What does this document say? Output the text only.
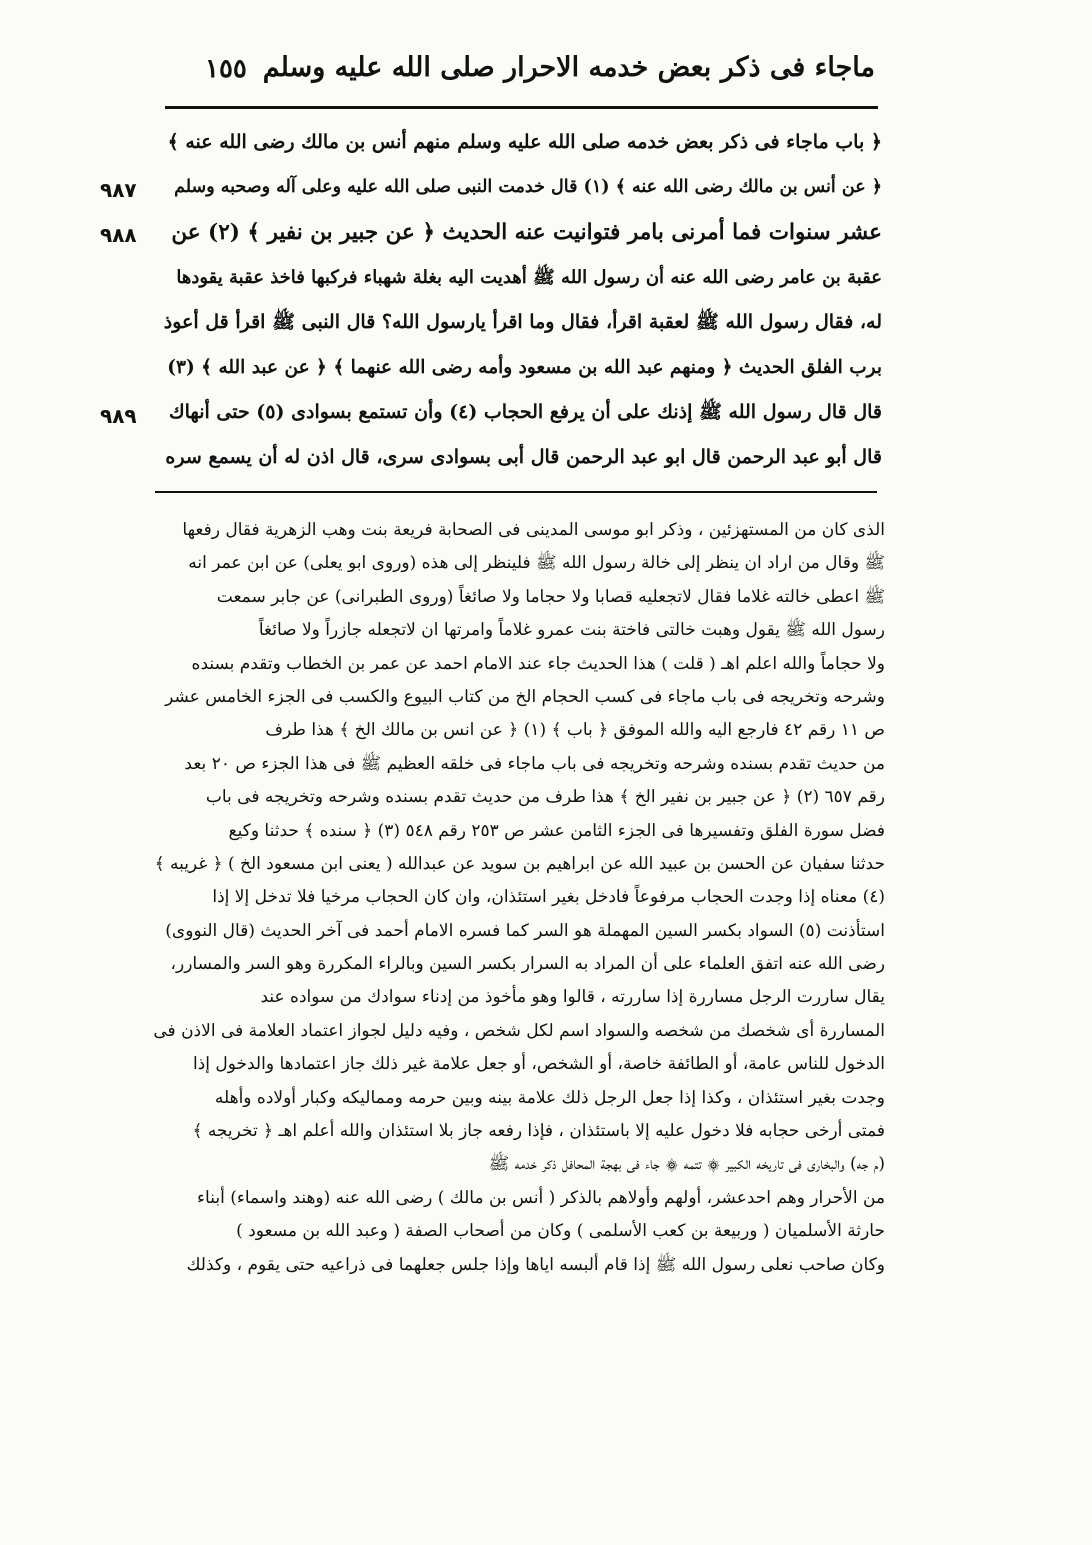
ماجاء فى ذكر بعض خدمه الاحرار صلى الله عليه وسلم
١٥٥
٩٨٧
٩٨٨
٩٨٩
﴿ باب ماجاء فى ذكر بعض خدمه صلى الله عليه وسلم منهم أنس بن مالك رضى الله عنه ﴾
﴿ عن أنس بن مالك رضى الله عنه ﴾ (١) قال خدمت النبى صلى الله عليه وعلى آله وصحبه وسلم
عشر سنوات فما أمرنى بامر فتوانيت عنه الحديث ﴿ عن جبير بن نفير ﴾ (٢) عن
عقبة بن عامر رضى الله عنه أن رسول الله ﷺ أهديت اليه بغلة شهباء فركبها فاخذ عقبة يقودها
له، فقال رسول الله ﷺ لعقبة اقرأ، فقال وما اقرأ يارسول الله؟ قال النبى ﷺ اقرأ قل أعوذ
برب الفلق الحديث ﴿ ومنهم عبد الله بن مسعود وأمه رضى الله عنهما ﴾ ﴿ عن عبد الله ﴾ (٣)
قال قال رسول الله ﷺ إذنك على أن يرفع الحجاب (٤) وأن تستمع بسوادى (٥) حتى أنهاك
قال أبو عبد الرحمن قال ابو عبد الرحمن قال أبى بسوادى سرى، قال اذن له أن يسمع سره
الذى كان من المستهزئين ، وذكر ابو موسى المدينى فى الصحابة فريعة بنت وهب الزهرية فقال رفعها
ﷺ وقال من اراد ان ينظر إلى خالة رسول الله ﷺ فلينظر إلى هذه (وروى ابو يعلى) عن ابن عمر انه
ﷺ اعطى خالته غلاما فقال لاتجعليه قصابا ولا حجاما ولا صائغاً (وروى الطبرانى) عن جابر سمعت
رسول الله ﷺ يقول وهبت خالتى فاختة بنت عمرو غلاماً وامرتها ان لاتجعله جازراً ولا صائغاً
ولا حجاماً والله اعلم اهـ ( قلت ) هذا الحديث جاء عند الامام احمد عن عمر بن الخطاب وتقدم بسنده
وشرحه وتخريجه فى باب ماجاء فى كسب الحجام الخ من كتاب البيوع والكسب فى الجزء الخامس عشر
ص ١١ رقم ٤٢ فارجع اليه والله الموفق ﴿ باب ﴾ (١) ﴿ عن انس بن مالك الخ ﴾ هذا طرف
من حديث تقدم بسنده وشرحه وتخريجه فى باب ماجاء فى خلقه العظيم ﷺ فى هذا الجزء ص ٢٠ بعد
رقم ٦٥٧ (٢) ﴿ عن جبير بن نفير الخ ﴾ هذا طرف من حديث تقدم بسنده وشرحه وتخريجه فى باب
فضل سورة الفلق وتفسيرها فى الجزء الثامن عشر ص ٢٥٣ رقم ٥٤٨ (٣) ﴿ سنده ﴾ حدثنا وكيع
حدثنا سفيان عن الحسن بن عبيد الله عن ابراهيم بن سويد عن عبدالله ( يعنى ابن مسعود الخ ) ﴿ غريبه ﴾
(٤) معناه إذا وجدت الحجاب مرفوعاً فادخل بغير استئذان، وان كان الحجاب مرخيا فلا تدخل إلا إذا
استأذنت (٥) السواد بكسر السين المهملة هو السر كما فسره الامام أحمد فى آخر الحديث (قال النووى)
رضى الله عنه اتفق العلماء على أن المراد به السرار بكسر السين وبالراء المكررة وهو السر والمسارر،
يقال ساررت الرجل مساررة إذا ساررته ، قالوا وهو مأخوذ من إدناء سوادك من سواده عند
المساررة أى شخصك من شخصه والسواد اسم لكل شخص ، وفيه دليل لجواز اعتماد العلامة فى الاذن فى
الدخول للناس عامة، أو الطائفة خاصة، أو الشخص، أو جعل علامة غير ذلك جاز اعتمادها والدخول إذا
وجدت بغير استئذان ، وكذا إذا جعل الرجل ذلك علامة بينه وبين حرمه ومماليكه وكبار أولاده وأهله
فمتى أرخى حجابه فلا دخول عليه إلا باستئذان ، فإذا رفعه جاز بلا استئذان والله أعلم اهـ ﴿ تخريجه ﴾
(م جه) والبخارى فى تاريخه الكبير ۞ تتمه ۞ جاء فى بهجة المحافل ذكر خدمه ﷺ
من الأحرار وهم احدعشر، أولهم وأولاهم بالذكر ( أنس بن مالك ) رضى الله عنه (وهند واسماء) أبناء
حارثة الأسلميان ( وربيعة بن كعب الأسلمى ) وكان من أصحاب الصفة ( وعبد الله بن مسعود )
وكان صاحب نعلى رسول الله ﷺ إذا قام ألبسه اياها وإذا جلس جعلهما فى ذراعيه حتى يقوم ، وكذلك
